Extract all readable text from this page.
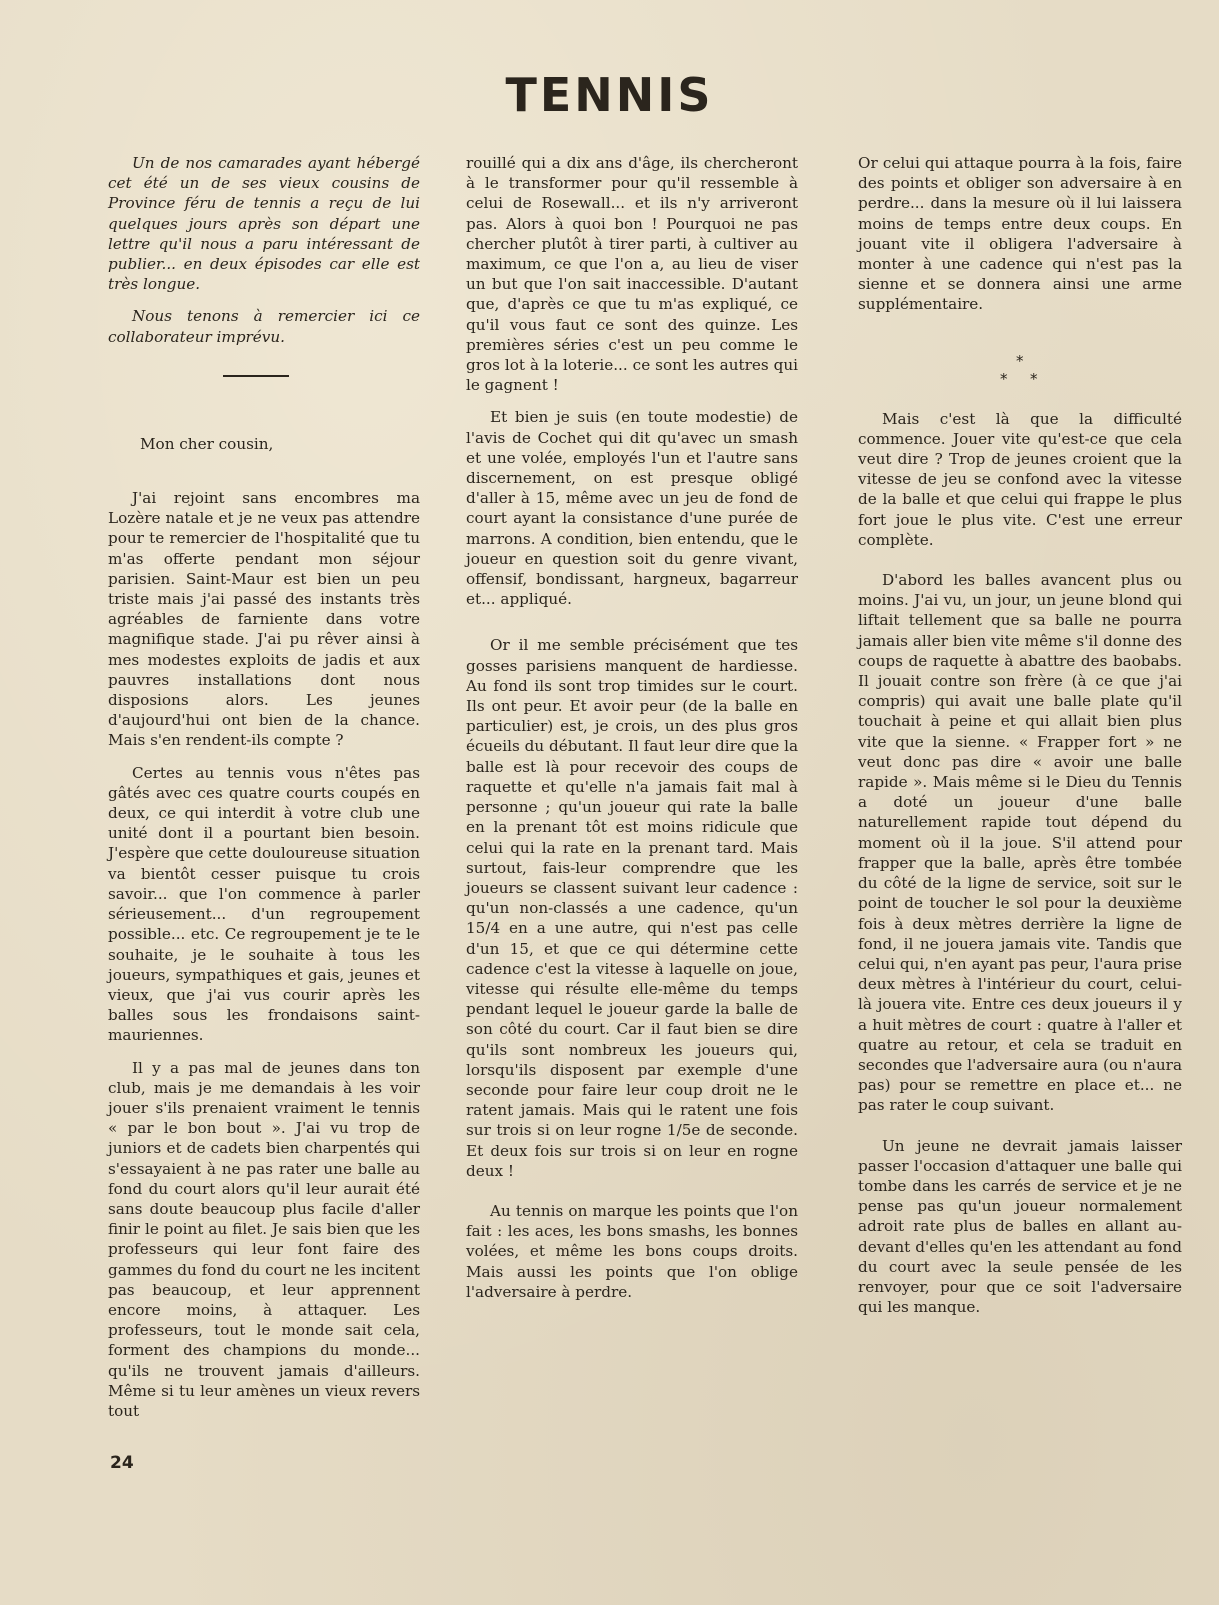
TENNIS

Un de nos camarades ayant hébergé cet été un de ses vieux cousins de Province féru de tennis a reçu de lui quelques jours après son départ une lettre qu'il nous a paru intéressant de publier... en deux épisodes car elle est très longue.

Nous tenons à remercier ici ce collaborateur imprévu.

Mon cher cousin,

J'ai rejoint sans encombres ma Lozère natale et je ne veux pas attendre pour te remercier de l'hospitalité que tu m'as offerte pendant mon séjour parisien. Saint-Maur est bien un peu triste mais j'ai passé des instants très agréables de farniente dans votre magnifique stade. J'ai pu rêver ainsi à mes modestes exploits de jadis et aux pauvres installations dont nous disposions alors. Les jeunes d'aujourd'hui ont bien de la chance. Mais s'en rendent-ils compte ?

Certes au tennis vous n'êtes pas gâtés avec ces quatre courts coupés en deux, ce qui interdit à votre club une unité dont il a pourtant bien besoin. J'espère que cette douloureuse situation va bientôt cesser puisque tu crois savoir... que l'on commence à parler sérieusement... d'un regroupement possible... etc. Ce regroupement je te le souhaite, je le souhaite à tous les joueurs, sympathiques et gais, jeunes et vieux, que j'ai vus courir après les balles sous les frondaisons saint-mauriennes.

Il y a pas mal de jeunes dans ton club, mais je me demandais à les voir jouer s'ils prenaient vraiment le tennis « par le bon bout ». J'ai vu trop de juniors et de cadets bien charpentés qui s'essayaient à ne pas rater une balle au fond du court alors qu'il leur aurait été sans doute beaucoup plus facile d'aller finir le point au filet. Je sais bien que les professeurs qui leur font faire des gammes du fond du court ne les incitent pas beaucoup, et leur apprennent encore moins, à attaquer. Les professeurs, tout le monde sait cela, forment des champions du monde... qu'ils ne trouvent jamais d'ailleurs. Même si tu leur amènes un vieux revers tout

rouillé qui a dix ans d'âge, ils chercheront à le transformer pour qu'il ressemble à celui de Rosewall... et ils n'y arriveront pas. Alors à quoi bon ! Pourquoi ne pas chercher plutôt à tirer parti, à cultiver au maximum, ce que l'on a, au lieu de viser un but que l'on sait inaccessible. D'autant que, d'après ce que tu m'as expliqué, ce qu'il vous faut ce sont des quinze. Les premières séries c'est un peu comme le gros lot à la loterie... ce sont les autres qui le gagnent !

Et bien je suis (en toute modestie) de l'avis de Cochet qui dit qu'avec un smash et une volée, employés l'un et l'autre sans discernement, on est presque obligé d'aller à 15, même avec un jeu de fond de court ayant la consistance d'une purée de marrons. A condition, bien entendu, que le joueur en question soit du genre vivant, offensif, bondissant, hargneux, bagarreur et... appliqué.

Or il me semble précisément que tes gosses parisiens manquent de hardiesse. Au fond ils sont trop timides sur le court. Ils ont peur. Et avoir peur (de la balle en particulier) est, je crois, un des plus gros écueils du débutant. Il faut leur dire que la balle est là pour recevoir des coups de raquette et qu'elle n'a jamais fait mal à personne ; qu'un joueur qui rate la balle en la prenant tôt est moins ridicule que celui qui la rate en la prenant tard. Mais surtout, fais-leur comprendre que les joueurs se classent suivant leur cadence : qu'un non-classés a une cadence, qu'un 15/4 en a une autre, qui n'est pas celle d'un 15, et que ce qui détermine cette cadence c'est la vitesse à laquelle on joue, vitesse qui résulte elle-même du temps pendant lequel le joueur garde la balle de son côté du court. Car il faut bien se dire qu'ils sont nombreux les joueurs qui, lorsqu'ils disposent par exemple d'une seconde pour faire leur coup droit ne le ratent jamais. Mais qui le ratent une fois sur trois si on leur rogne 1/5e de seconde. Et deux fois sur trois si on leur en rogne deux !

Au tennis on marque les points que l'on fait : les aces, les bons smashs, les bonnes volées, et même les bons coups droits. Mais aussi les points que l'on oblige l'adversaire à perdre.

Or celui qui attaque pourra à la fois, faire des points et obliger son adversaire à en perdre... dans la mesure où il lui laissera moins de temps entre deux coups. En jouant vite il obligera l'adversaire à monter à une cadence qui n'est pas la sienne et se donnera ainsi une arme supplémentaire.

*
* *

Mais c'est là que la difficulté commence. Jouer vite qu'est-ce que cela veut dire ? Trop de jeunes croient que la vitesse de jeu se confond avec la vitesse de la balle et que celui qui frappe le plus fort joue le plus vite. C'est une erreur complète.

D'abord les balles avancent plus ou moins. J'ai vu, un jour, un jeune blond qui liftait tellement que sa balle ne pourra jamais aller bien vite même s'il donne des coups de raquette à abattre des baobabs. Il jouait contre son frère (à ce que j'ai compris) qui avait une balle plate qu'il touchait à peine et qui allait bien plus vite que la sienne. « Frapper fort » ne veut donc pas dire « avoir une balle rapide ». Mais même si le Dieu du Tennis a doté un joueur d'une balle naturellement rapide tout dépend du moment où il la joue. S'il attend pour frapper que la balle, après être tombée du côté de la ligne de service, soit sur le point de toucher le sol pour la deuxième fois à deux mètres derrière la ligne de fond, il ne jouera jamais vite. Tandis que celui qui, n'en ayant pas peur, l'aura prise deux mètres à l'intérieur du court, celui-là jouera vite. Entre ces deux joueurs il y a huit mètres de court : quatre à l'aller et quatre au retour, et cela se traduit en secondes que l'adversaire aura (ou n'aura pas) pour se remettre en place et... ne pas rater le coup suivant.

Un jeune ne devrait jamais laisser passer l'occasion d'attaquer une balle qui tombe dans les carrés de service et je ne pense pas qu'un joueur normalement adroit rate plus de balles en allant au-devant d'elles qu'en les attendant au fond du court avec la seule pensée de les renvoyer, pour que ce soit l'adversaire qui les manque.

24
